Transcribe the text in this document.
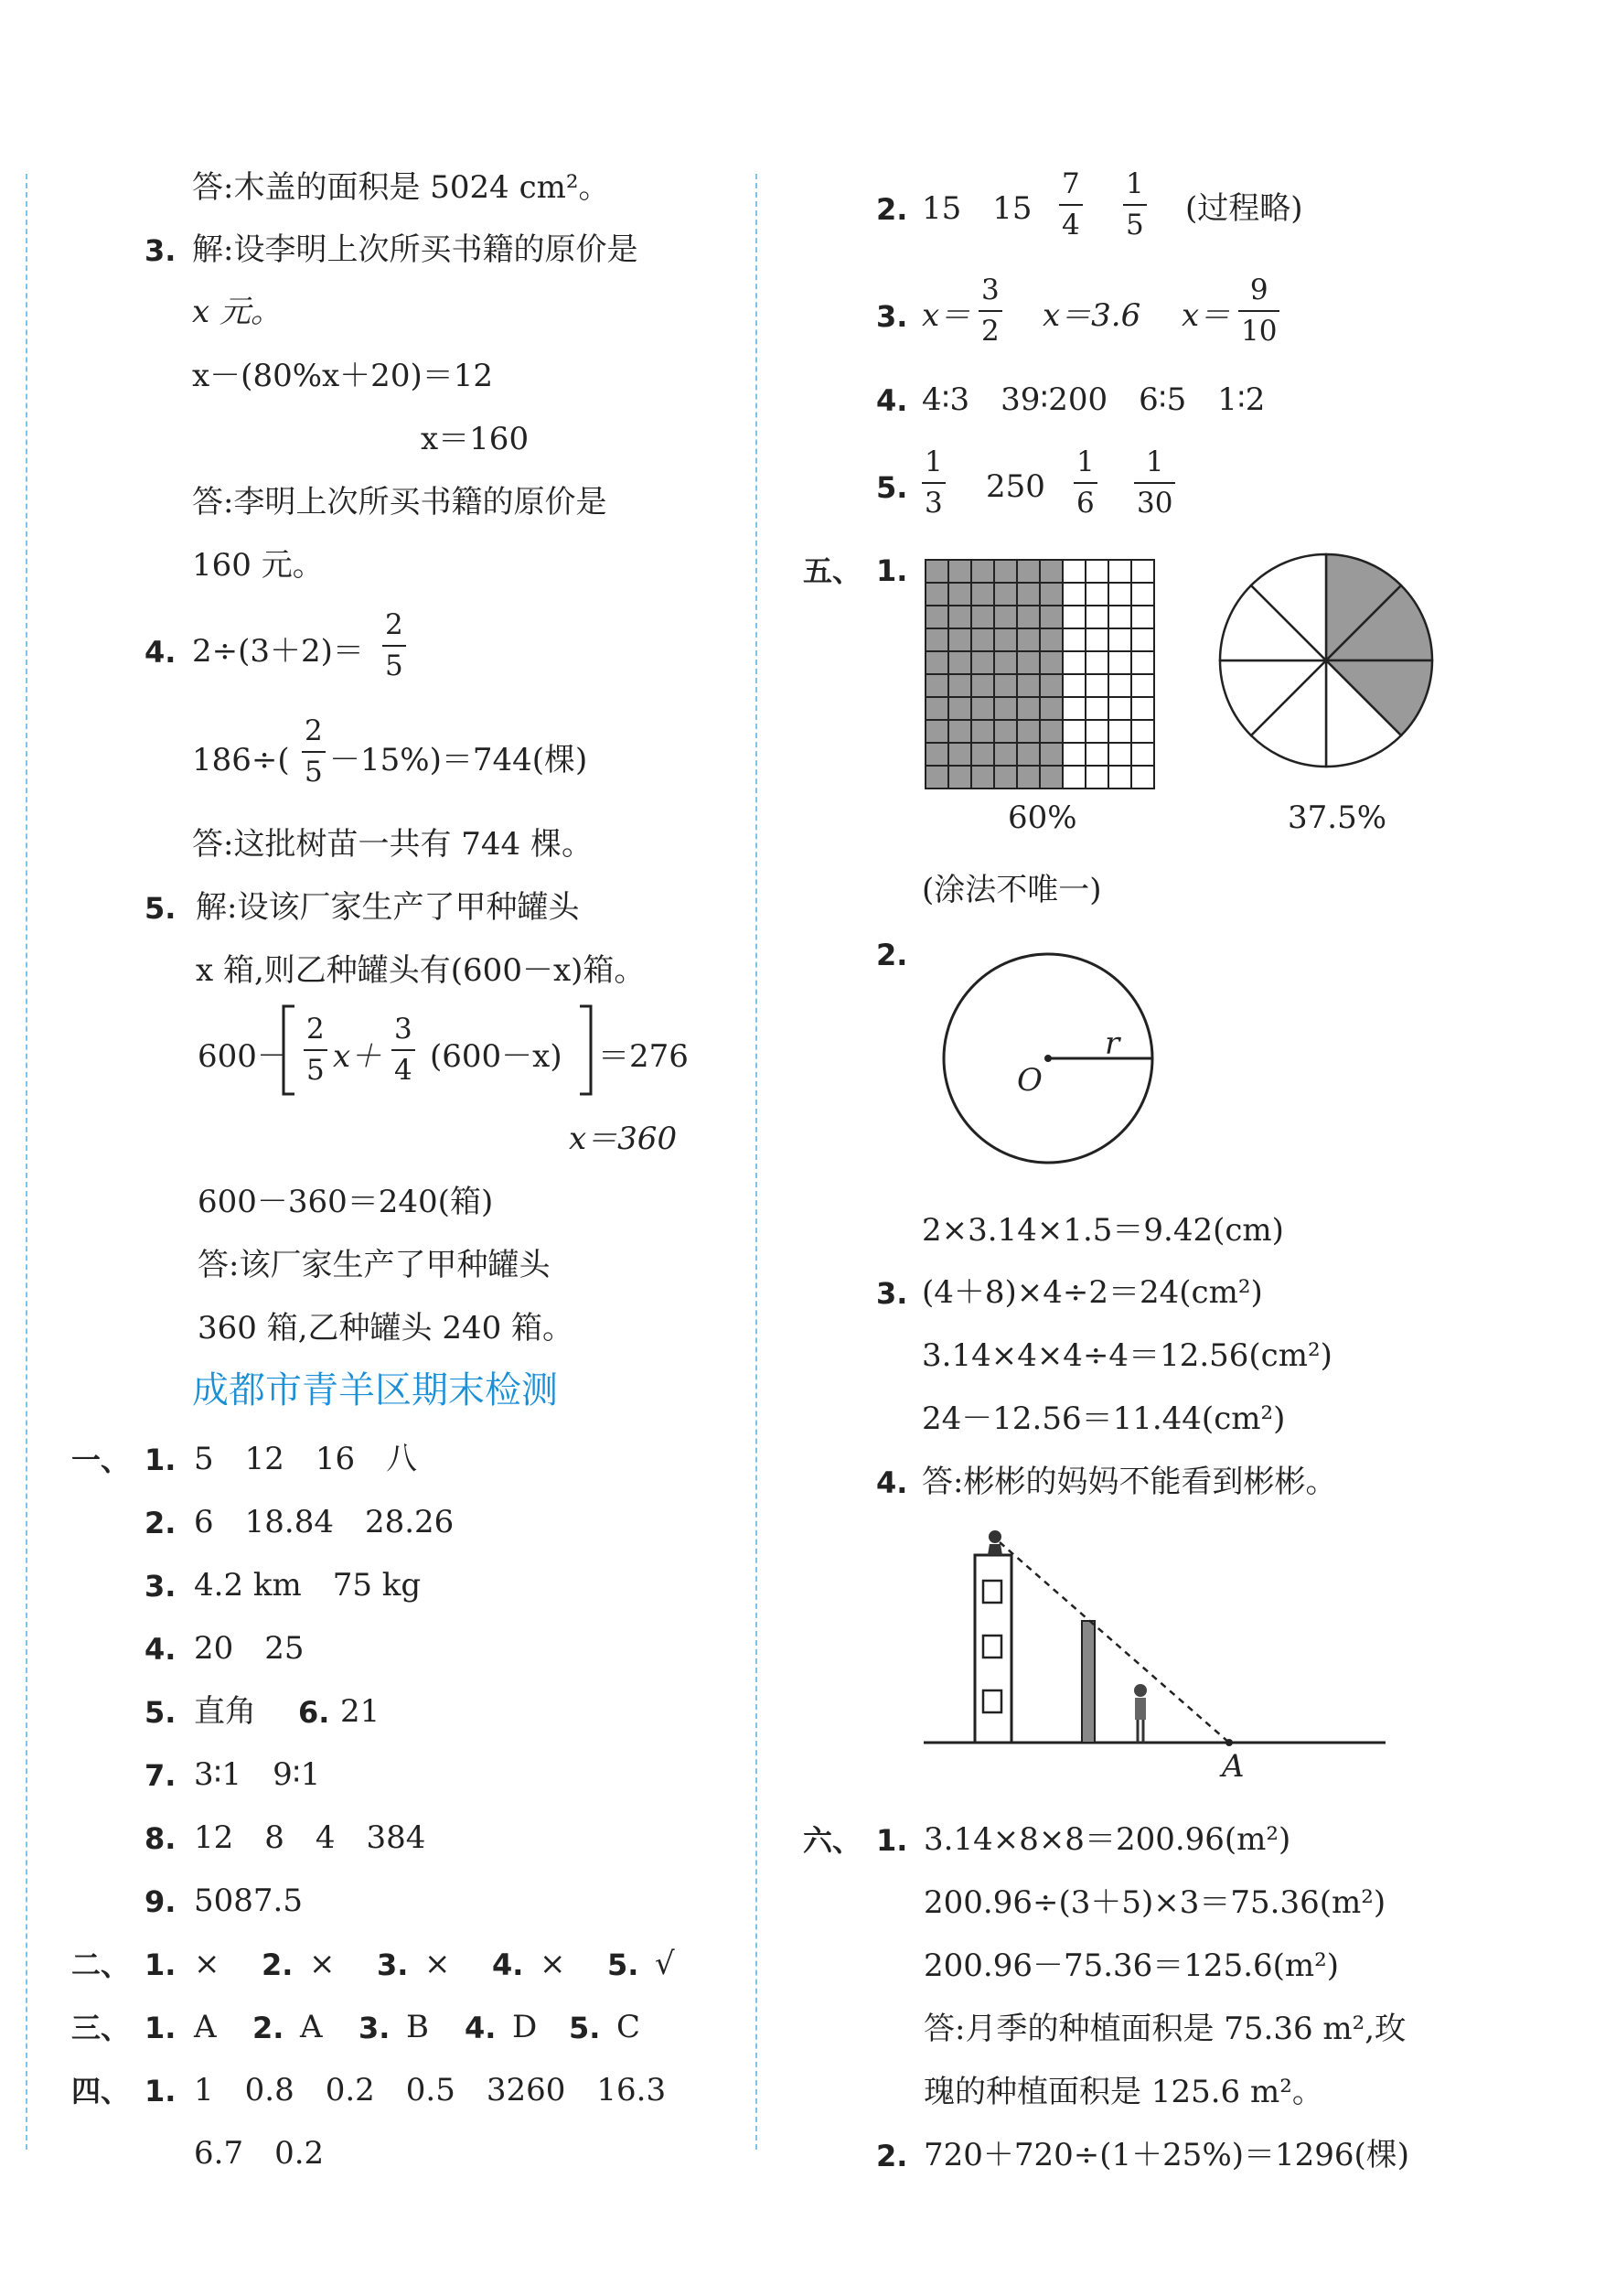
答:木盖的面积是 5024 cm²。
3. 解:设李明上次所买书籍的原价是
x 元。
x－(80%x＋20)＝12
x＝160
答:李明上次所买书籍的原价是
160 元。
4. 2÷(3＋2)＝
2
5
186÷(
2
5 －15%)＝744(棵)
答:这批树苗一共有 744 棵。
5. 解:设该厂家生产了甲种罐头
x 箱,则乙种罐头有(600－x)箱。
600－
2
5 x＋
3
4 (600－x) ＝276
x＝360
600－360＝240(箱)
答:该厂家生产了甲种罐头
360 箱,乙种罐头 240 箱。
成都市青羊区期末检测
一、 1. 5　12　16　八
2. 6　18.84　28.26
3. 4.2 km　75 kg
4. 20　25
5. 直角 6. 21
7. 3∶1　9∶1
8. 12　8　4　384
9. 5087.5
二、 1. × 2. × 3. × 4. × 5. √
三、 1. A 2. A 3. B 4. D 5. C
四、 1. 1　0.8　0.2　0.5　3260　16.3
6.7　0.2
2. 15　15
7
4
1
5 (过程略)
3. x＝
3
2 x＝3.6 x＝
9
10
4. 4∶3　39∶200　6∶5　1∶2
5.
1
3 250
1
6
1
30
五、 1.
60%	37.5%
(涂法不唯一)
2.
O
r
2×3.14×1.5＝9.42(cm)
3. (4＋8)×4÷2＝24(cm²)
3.14×4×4÷4＝12.56(cm²)
24－12.56＝11.44(cm²)
4. 答:彬彬的妈妈不能看到彬彬。
A
六、 1. 3.14×8×8＝200.96(m²)
200.96÷(3＋5)×3＝75.36(m²)
200.96－75.36＝125.6(m²)
答:月季的种植面积是 75.36 m²,玫
瑰的种植面积是 125.6 m²。
2. 720＋720÷(1＋25%)＝1296(棵)
